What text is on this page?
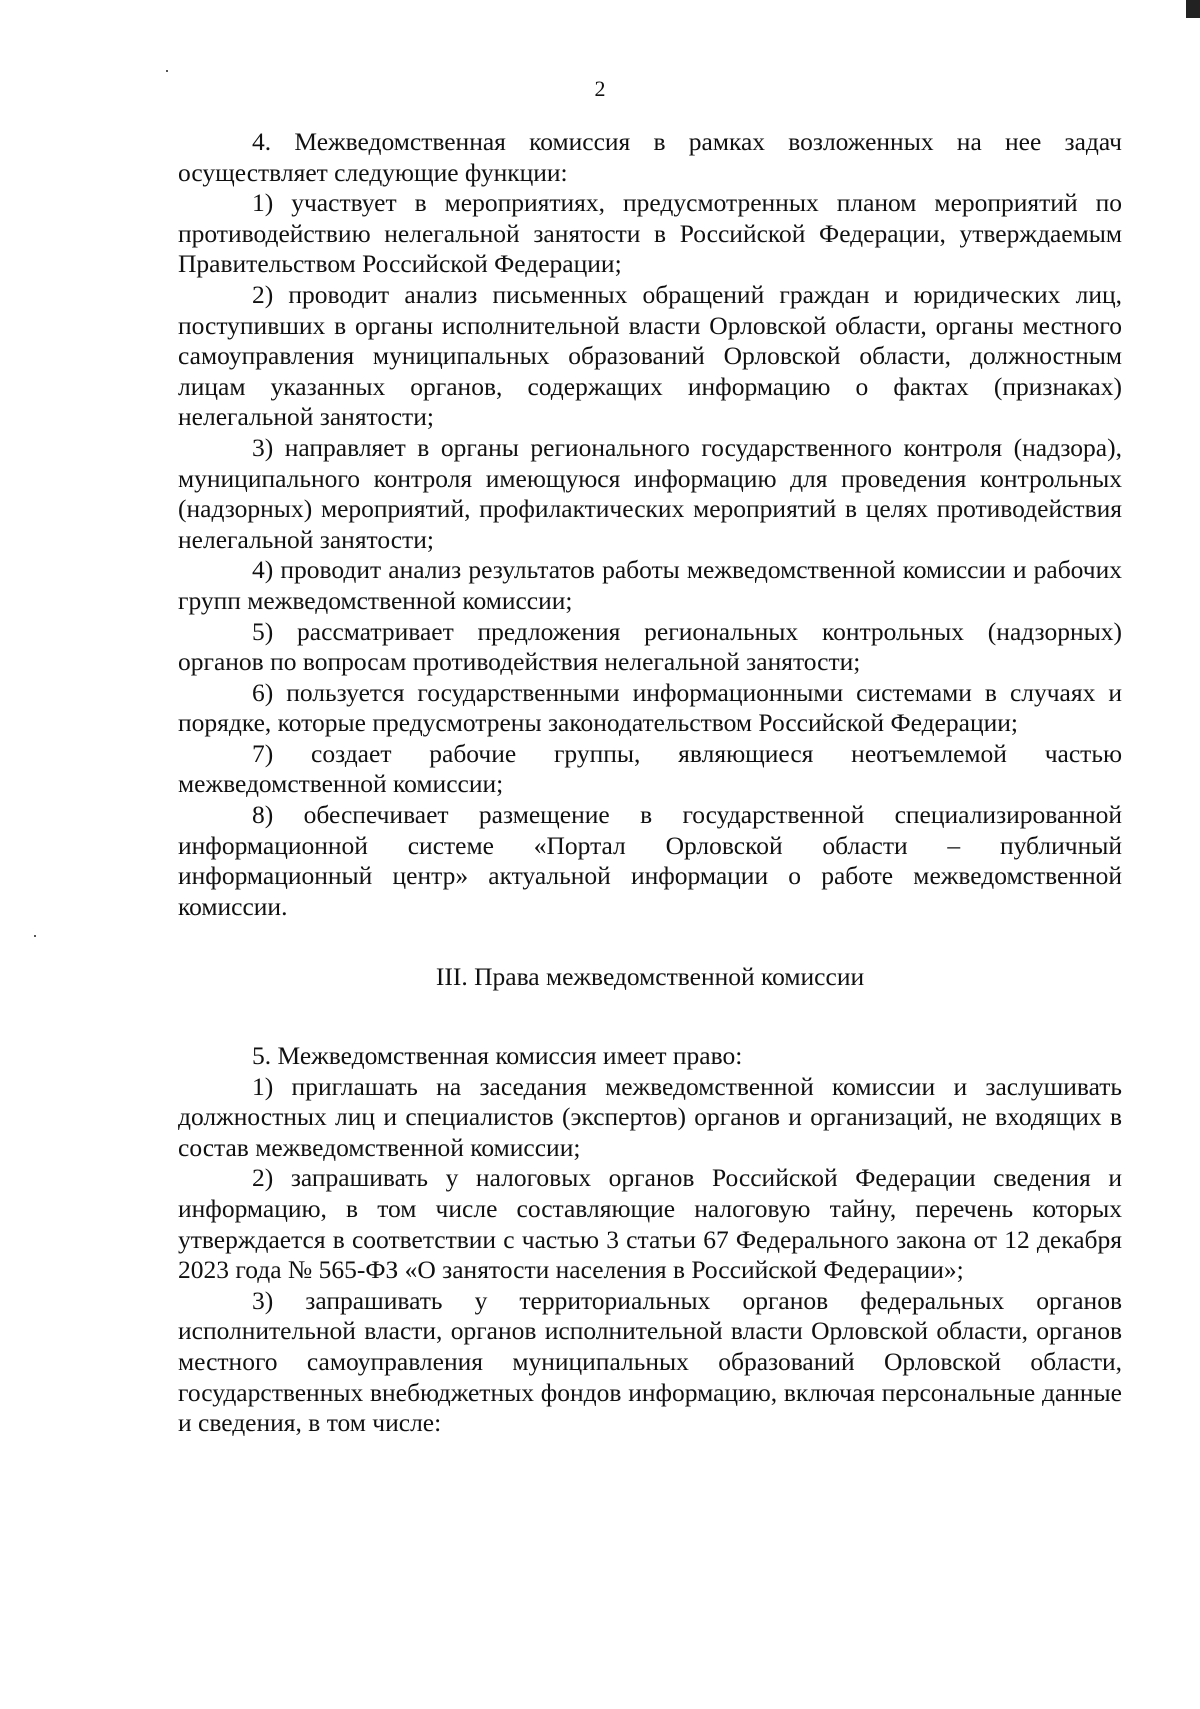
2

4. Межведомственная комиссия в рамках возложенных на нее задач осуществляет следующие функции:

1) участвует в мероприятиях, предусмотренных планом мероприятий по противодействию нелегальной занятости в Российской Федерации, утверждаемым Правительством Российской Федерации;

2) проводит анализ письменных обращений граждан и юридических лиц, поступивших в органы исполнительной власти Орловской области, органы местного самоуправления муниципальных образований Орловской области, должностным лицам указанных органов, содержащих информацию о фактах (признаках) нелегальной занятости;

3) направляет в органы регионального государственного контроля (надзора), муниципального контроля имеющуюся информацию для проведения контрольных (надзорных) мероприятий, профилактических мероприятий в целях противодействия нелегальной занятости;

4) проводит анализ результатов работы межведомственной комиссии и рабочих групп межведомственной комиссии;

5) рассматривает предложения региональных контрольных (надзорных) органов по вопросам противодействия нелегальной занятости;

6) пользуется государственными информационными системами в случаях и порядке, которые предусмотрены законодательством Российской Федерации;

7) создает рабочие группы, являющиеся неотъемлемой частью межведомственной комиссии;

8) обеспечивает размещение в государственной специализированной информационной системе «Портал Орловской области – публичный информационный центр» актуальной информации о работе межведомственной комиссии.

III. Права межведомственной комиссии

5. Межведомственная комиссия имеет право:

1) приглашать на заседания межведомственной комиссии и заслушивать должностных лиц и специалистов (экспертов) органов и организаций, не входящих в состав межведомственной комиссии;

2) запрашивать у налоговых органов Российской Федерации сведения и информацию, в том числе составляющие налоговую тайну, перечень которых утверждается в соответствии с частью 3 статьи 67 Федерального закона от 12 декабря 2023 года № 565-ФЗ «О занятости населения в Российской Федерации»;

3) запрашивать у территориальных органов федеральных органов исполнительной власти, органов исполнительной власти Орловской области, органов местного самоуправления муниципальных образований Орловской области, государственных внебюджетных фондов информацию, включая персональные данные и сведения, в том числе:
